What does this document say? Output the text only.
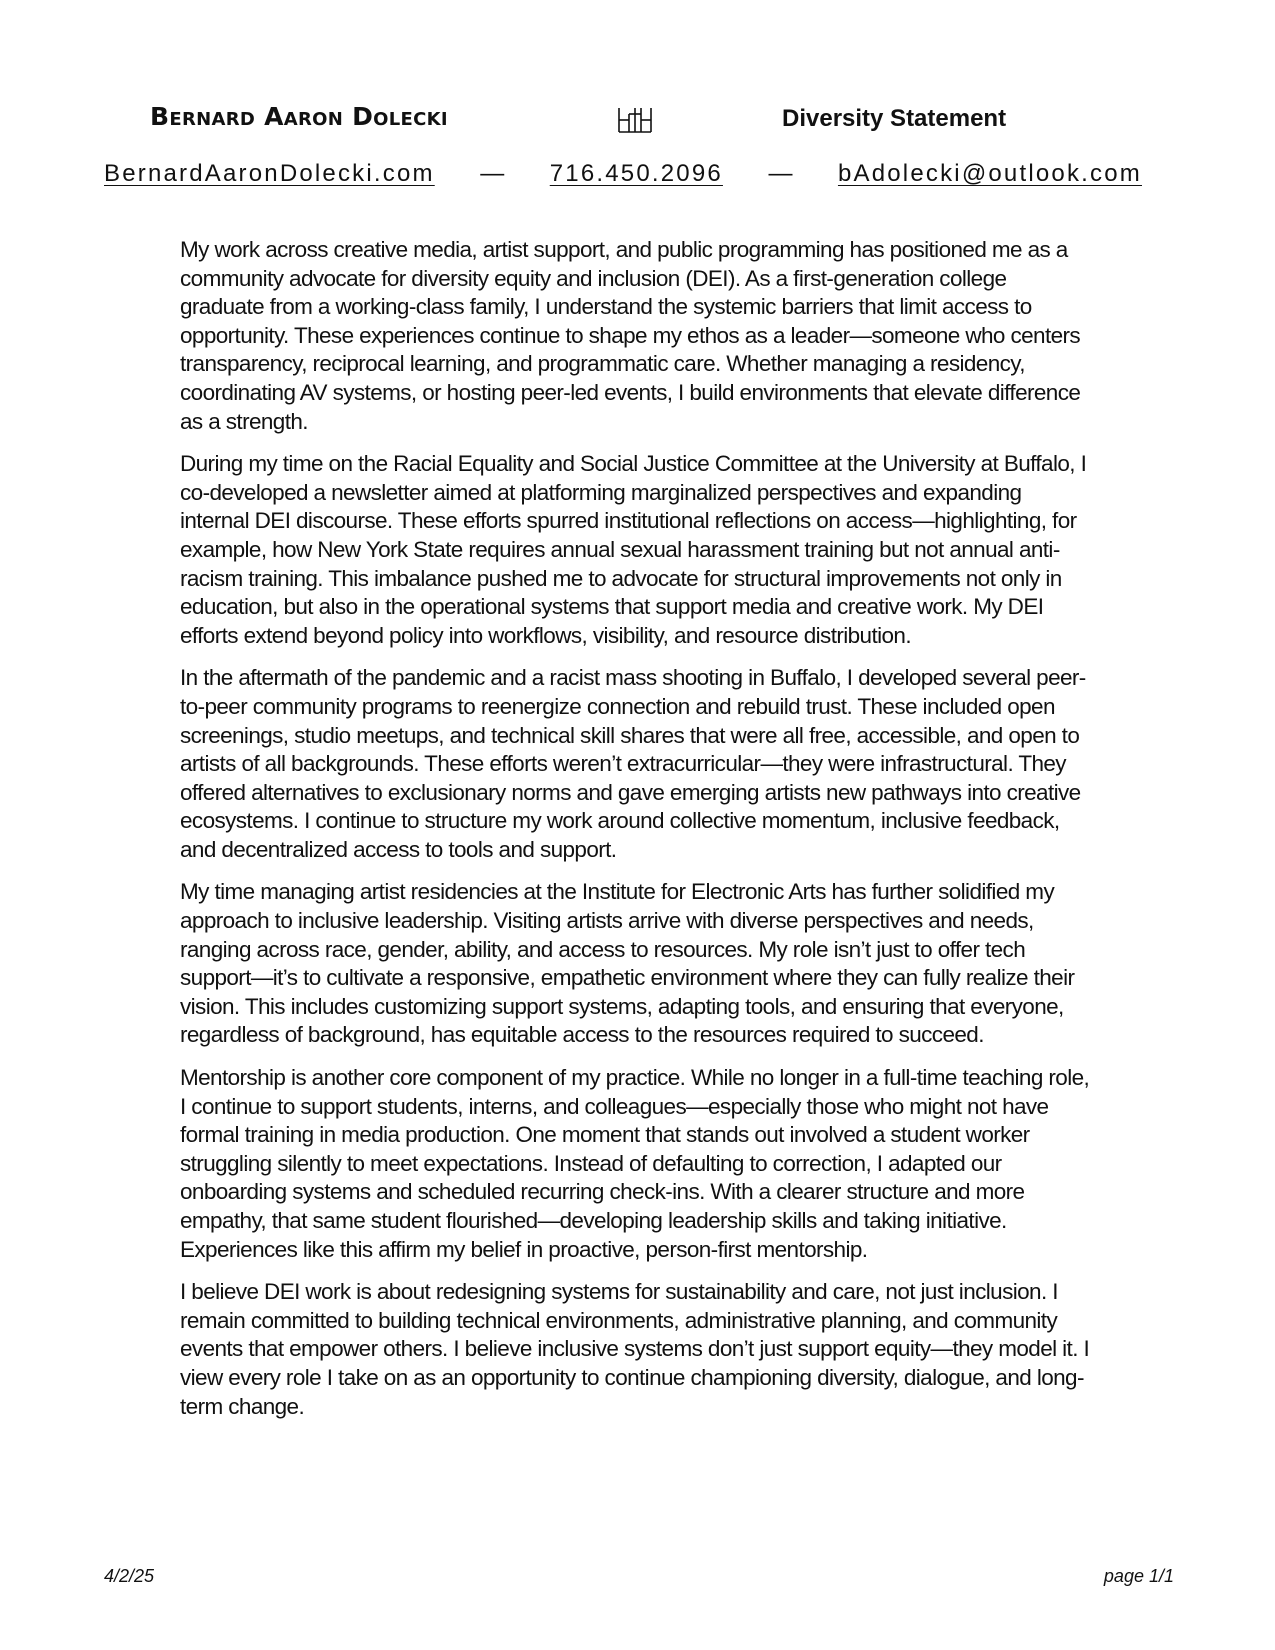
Bernard Aaron Dolecki	Diversity Statement
BernardAaronDolecki.com — 716.450.2096 — bAdolecki@outlook.com

My work across creative media, artist support, and public programming has positioned me as a community advocate for diversity equity and inclusion (DEI). As a first-generation college graduate from a working-class family, I understand the systemic barriers that limit access to opportunity. These experiences continue to shape my ethos as a leader—someone who centers transparency, reciprocal learning, and programmatic care. Whether managing a residency, coordinating AV systems, or hosting peer-led events, I build environments that elevate difference as a strength.

During my time on the Racial Equality and Social Justice Committee at the University at Buffalo, I co-developed a newsletter aimed at platforming marginalized perspectives and expanding internal DEI discourse. These efforts spurred institutional reflections on access—highlighting, for example, how New York State requires annual sexual harassment training but not annual anti-racism training. This imbalance pushed me to advocate for structural improvements not only in education, but also in the operational systems that support media and creative work. My DEI efforts extend beyond policy into workflows, visibility, and resource distribution.

In the aftermath of the pandemic and a racist mass shooting in Buffalo, I developed several peer-to-peer community programs to reenergize connection and rebuild trust. These included open screenings, studio meetups, and technical skill shares that were all free, accessible, and open to artists of all backgrounds. These efforts weren’t extracurricular—they were infrastructural. They offered alternatives to exclusionary norms and gave emerging artists new pathways into creative ecosystems. I continue to structure my work around collective momentum, inclusive feedback, and decentralized access to tools and support.

My time managing artist residencies at the Institute for Electronic Arts has further solidified my approach to inclusive leadership. Visiting artists arrive with diverse perspectives and needs, ranging across race, gender, ability, and access to resources. My role isn’t just to offer tech support—it’s to cultivate a responsive, empathetic environment where they can fully realize their vision. This includes customizing support systems, adapting tools, and ensuring that everyone, regardless of background, has equitable access to the resources required to succeed.

Mentorship is another core component of my practice. While no longer in a full-time teaching role, I continue to support students, interns, and colleagues—especially those who might not have formal training in media production. One moment that stands out involved a student worker struggling silently to meet expectations. Instead of defaulting to correction, I adapted our onboarding systems and scheduled recurring check-ins. With a clearer structure and more empathy, that same student flourished—developing leadership skills and taking initiative. Experiences like this affirm my belief in proactive, person-first mentorship.

I believe DEI work is about redesigning systems for sustainability and care, not just inclusion. I remain committed to building technical environments, administrative planning, and community events that empower others. I believe inclusive systems don’t just support equity—they model it. I view every role I take on as an opportunity to continue championing diversity, dialogue, and long-term change.

4/2/25	page 1/1
